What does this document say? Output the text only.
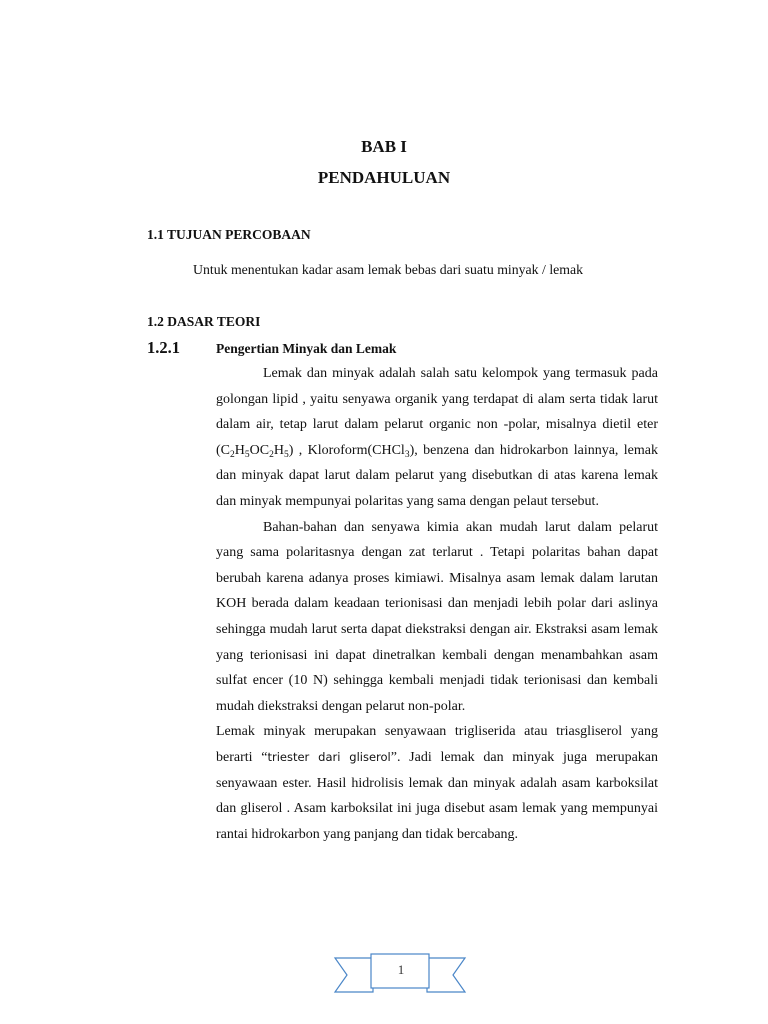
BAB I
PENDAHULUAN
1.1 TUJUAN PERCOBAAN
Untuk menentukan kadar asam lemak bebas dari suatu minyak / lemak
1.2 DASAR TEORI
1.2.1	Pengertian Minyak dan Lemak

Lemak dan minyak adalah salah satu kelompok yang termasuk pada golongan lipid , yaitu senyawa organik yang terdapat di alam serta tidak larut dalam air, tetap larut dalam pelarut organic non -polar, misalnya dietil eter $(C_2H_5OC_2H_5)$ , Kloroform(CHCl$_3$), benzena dan hidrokarbon lainnya, lemak dan minyak dapat larut dalam pelarut yang disebutkan di atas karena lemak dan minyak mempunyai polaritas yang sama dengan pelaut tersebut.

Bahan-bahan dan senyawa kimia akan mudah larut dalam pelarut yang sama polaritasnya dengan zat terlarut . Tetapi polaritas bahan dapat berubah karena adanya proses kimiawi. Misalnya asam lemak dalam larutan KOH berada dalam keadaan terionisasi dan menjadi lebih polar dari aslinya sehingga mudah larut serta dapat diekstraksi dengan air. Ekstraksi asam lemak yang terionisasi ini dapat dinetralkan kembali dengan menambahkan asam sulfat encer (10 N) sehingga kembali menjadi tidak terionisasi dan kembali mudah diekstraksi dengan pelarut non-polar.

Lemak minyak merupakan senyawaan trigliserida atau triasgliserol yang berarti “triester dari gliserol”. Jadi lemak dan minyak juga merupakan senyawaan ester. Hasil hidrolisis lemak dan minyak adalah asam karboksilat dan gliserol . Asam karboksilat ini juga disebut asam lemak yang mempunyai rantai hidrokarbon yang panjang dan tidak bercabang.

1
